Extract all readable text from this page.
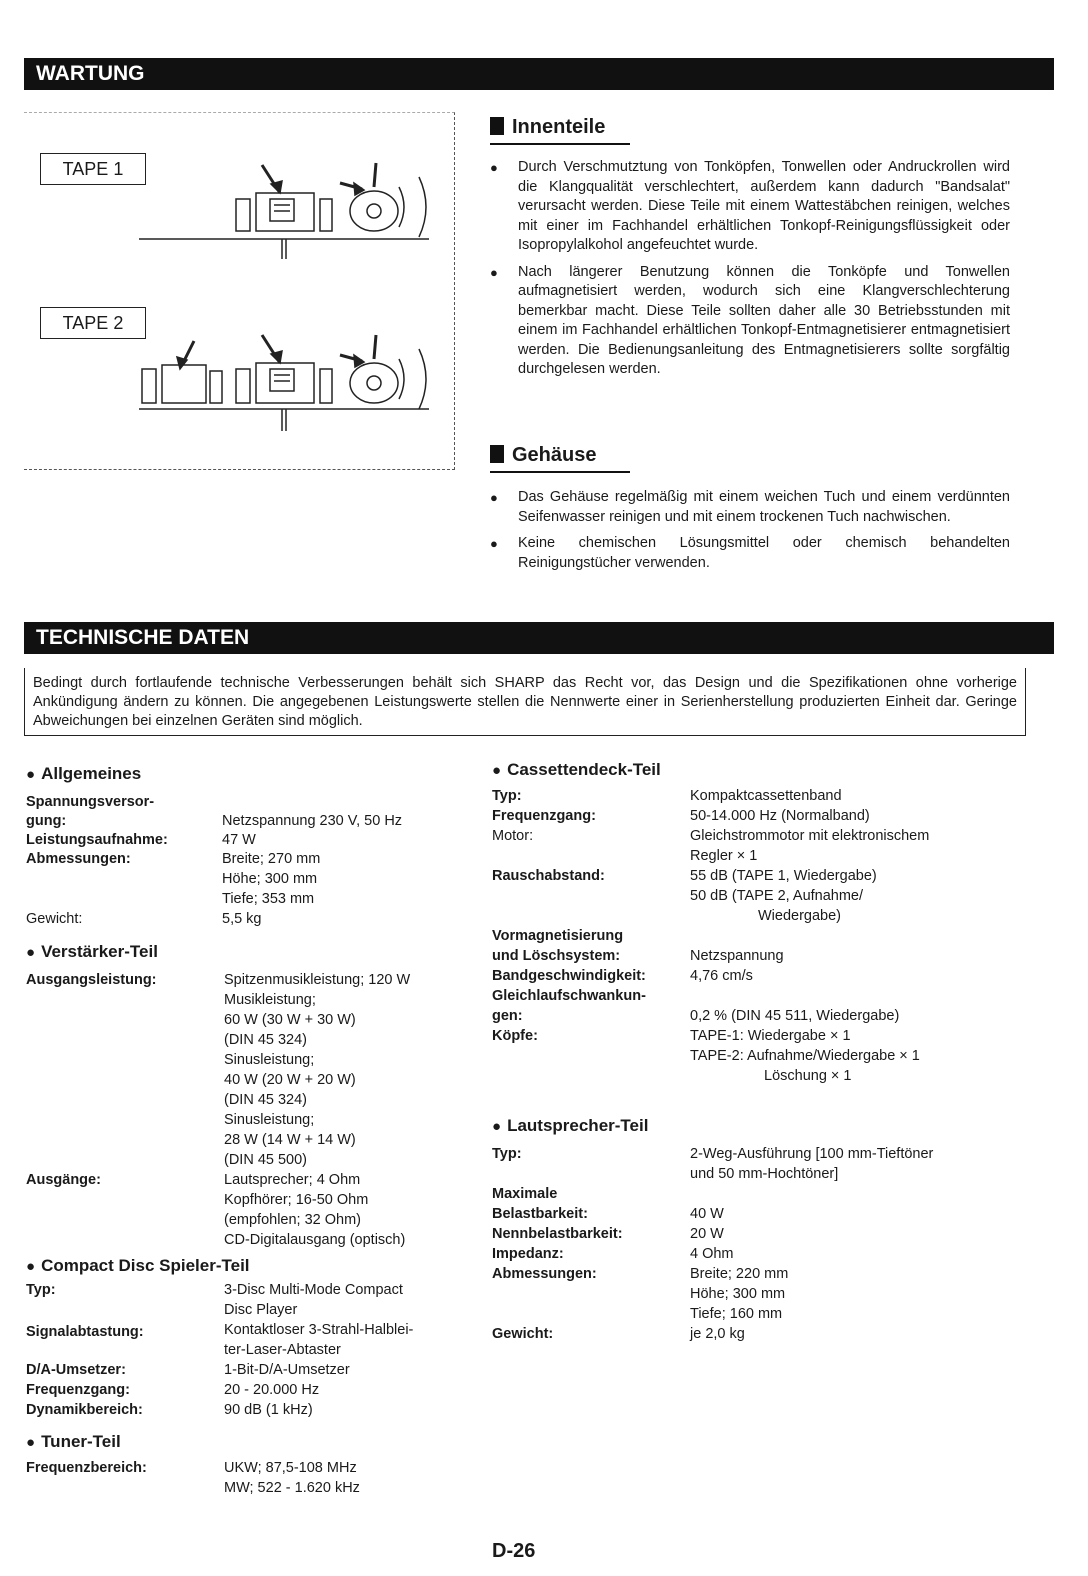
WARTUNG
TECHNISCHE DATEN
TAPE 1
TAPE 2
Innenteile
● Durch Verschmutztung von Tonköpfen, Tonwellen oder Andruckrollen wird die Klangqualität verschlechtert, außerdem kann dadurch "Bandsalat" verursacht werden. Diese Teile mit einem Wattestäbchen reinigen, welches mit einer im Fachhandel erhältlichen Tonkopf-Reinigungsflüssigkeit oder Isopropylalkohol angefeuchtet wurde.
● Nach längerer Benutzung können die Tonköpfe und Tonwellen aufmagnetisiert werden, wodurch sich eine Klangverschlechterung bemerkbar macht. Diese Teile sollten daher alle 30 Betriebsstunden mit einem im Fachhandel erhältlichen Tonkopf-Entmagnetisierer entmagnetisiert werden. Die Bedienungsanleitung des Entmagnetisierers sollte sorgfältig durchgelesen werden.
Gehäuse
● Das Gehäuse regelmäßig mit einem weichen Tuch und einem verdünnten Seifenwasser reinigen und mit einem trockenen Tuch nachwischen.
● Keine chemischen Lösungsmittel oder chemisch behandelten Reinigungstücher verwenden.
Bedingt durch fortlaufende technische Verbesserungen behält sich SHARP das Recht vor, das Design und die Spezifikationen ohne vorherige Ankündigung ändern zu können. Die angegebenen Leistungswerte stellen die Nennwerte einer in Serienherstellung produzierten Einheit dar. Geringe Abweichungen bei einzelnen Geräten sind möglich.
● Allgemeines
Spannungsversor-
gung:	Netzspannung 230 V, 50 Hz
Leistungsaufnahme:	47 W
Abmessungen:	Breite; 270 mm
Höhe; 300 mm
Tiefe; 353 mm
Gewicht:	5,5 kg
● Verstärker-Teil
Ausgangsleistung:	Spitzenmusikleistung; 120 W
Musikleistung;
60 W (30 W + 30 W)
(DIN 45 324)
Sinusleistung;
40 W (20 W + 20 W)
(DIN 45 324)
Sinusleistung;
28 W (14 W + 14 W)
(DIN 45 500)
Ausgänge:	Lautsprecher; 4 Ohm
Kopfhörer; 16-50 Ohm
(empfohlen; 32 Ohm)
CD-Digitalausgang (optisch)
● Compact Disc Spieler-Teil
Typ:	3-Disc Multi-Mode Compact
Disc Player
Signalabtastung:	Kontaktloser 3-Strahl-Halblei-
ter-Laser-Abtaster
D/A-Umsetzer:	1-Bit-D/A-Umsetzer
Frequenzgang:	20 - 20.000 Hz
Dynamikbereich:	90 dB (1 kHz)
● Tuner-Teil
Frequenzbereich:	UKW; 87,5-108 MHz
MW; 522 - 1.620 kHz
● Cassettendeck-Teil
Typ:	Kompaktcassettenband
Frequenzgang:	50-14.000 Hz (Normalband)
Motor:	Gleichstrommotor mit elektronischem
Regler × 1
Rauschabstand:	55 dB (TAPE 1, Wiedergabe)
50 dB (TAPE 2, Aufnahme/
Wiedergabe)
Vormagnetisierung
und Löschsystem:	Netzspannung
Bandgeschwindigkeit:	4,76 cm/s
Gleichlaufschwankun-
gen:	0,2 % (DIN 45 511, Wiedergabe)
Köpfe:	TAPE-1: Wiedergabe × 1
TAPE-2: Aufnahme/Wiedergabe × 1
Löschung × 1
● Lautsprecher-Teil
Typ:	2-Weg-Ausführung [100 mm-Tieftöner
und 50 mm-Hochtöner]
Maximale
Belastbarkeit:	40 W
Nennbelastbarkeit:	20 W
Impedanz:	4 Ohm
Abmessungen:	Breite; 220 mm
Höhe; 300 mm
Tiefe; 160 mm
Gewicht:	je 2,0 kg
D-26
